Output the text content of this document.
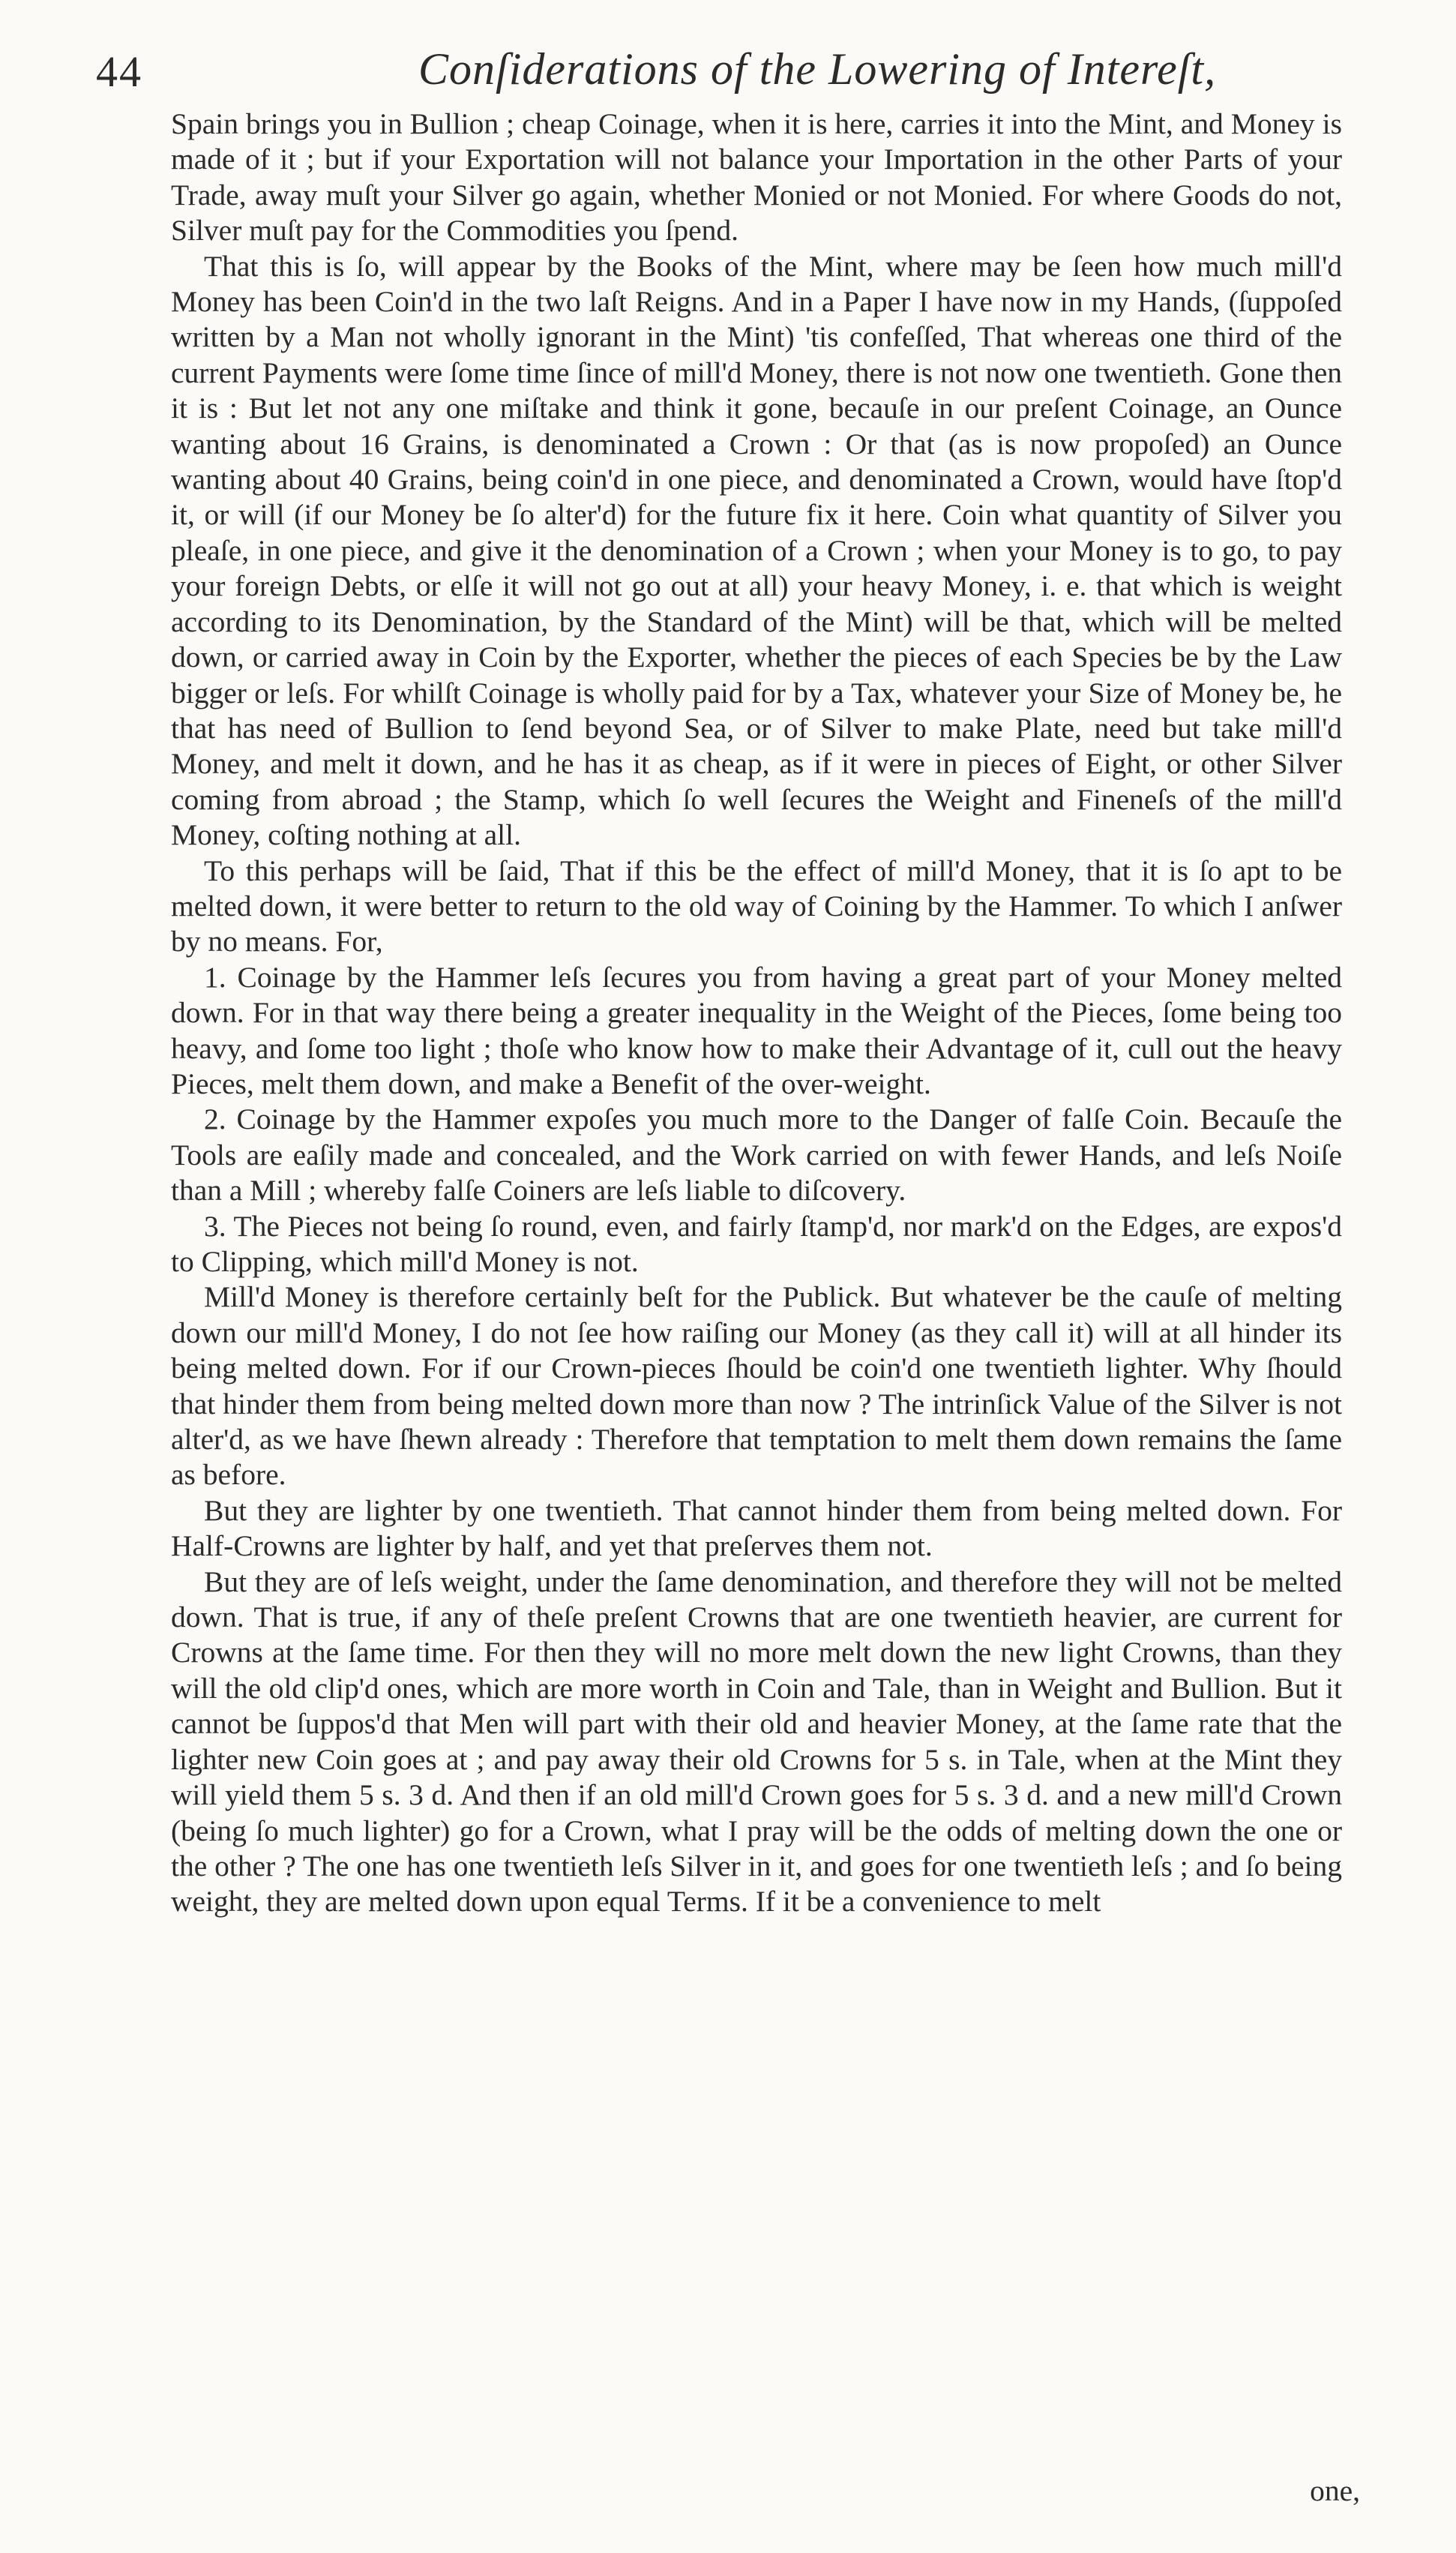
44	Conſiderations of the Lowering of Intereſt,

Spain brings you in Bullion ; cheap Coinage, when it is here, carries it into the Mint, and Money is made of it ; but if your Exportation will not balance your Importation in the other Parts of your Trade, away muſt your Silver go again, whether Monied or not Monied. For where Goods do not, Silver muſt pay for the Commodities you ſpend.

That this is ſo, will appear by the Books of the Mint, where may be ſeen how much mill'd Money has been Coin'd in the two laſt Reigns. And in a Paper I have now in my Hands, (ſuppoſed written by a Man not wholly ignorant in the Mint) 'tis confeſſed, That whereas one third of the current Payments were ſome time ſince of mill'd Money, there is not now one twentieth. Gone then it is : But let not any one miſtake and think it gone, becauſe in our preſent Coinage, an Ounce wanting about 16 Grains, is denominated a Crown : Or that (as is now propoſed) an Ounce wanting about 40 Grains, being coin'd in one piece, and denominated a Crown, would have ſtop'd it, or will (if our Money be ſo alter'd) for the future fix it here. Coin what quantity of Silver you pleaſe, in one piece, and give it the denomination of a Crown ; when your Money is to go, to pay your foreign Debts, or elſe it will not go out at all) your heavy Money, i. e. that which is weight according to its Denomination, by the Standard of the Mint) will be that, which will be melted down, or carried away in Coin by the Exporter, whether the pieces of each Species be by the Law bigger or leſs. For whilſt Coinage is wholly paid for by a Tax, whatever your Size of Money be, he that has need of Bullion to ſend beyond Sea, or of Silver to make Plate, need but take mill'd Money, and melt it down, and he has it as cheap, as if it were in pieces of Eight, or other Silver coming from abroad ; the Stamp, which ſo well ſecures the Weight and Fineneſs of the mill'd Money, coſting nothing at all.

To this perhaps will be ſaid, That if this be the effect of mill'd Money, that it is ſo apt to be melted down, it were better to return to the old way of Coining by the Hammer. To which I anſwer by no means. For,

1. Coinage by the Hammer leſs ſecures you from having a great part of your Money melted down. For in that way there being a greater inequality in the Weight of the Pieces, ſome being too heavy, and ſome too light ; thoſe who know how to make their Advantage of it, cull out the heavy Pieces, melt them down, and make a Benefit of the over-weight.

2. Coinage by the Hammer expoſes you much more to the Danger of falſe Coin. Becauſe the Tools are eaſily made and concealed, and the Work carried on with fewer Hands, and leſs Noiſe than a Mill ; whereby falſe Coiners are leſs liable to diſcovery.

3. The Pieces not being ſo round, even, and fairly ſtamp'd, nor mark'd on the Edges, are expos'd to Clipping, which mill'd Money is not.

Mill'd Money is therefore certainly beſt for the Publick. But whatever be the cauſe of melting down our mill'd Money, I do not ſee how raiſing our Money (as they call it) will at all hinder its being melted down. For if our Crown-pieces ſhould be coin'd one twentieth lighter. Why ſhould that hinder them from being melted down more than now ? The intrinſick Value of the Silver is not alter'd, as we have ſhewn already : Therefore that temptation to melt them down remains the ſame as before.

But they are lighter by one twentieth. That cannot hinder them from being melted down. For Half-Crowns are lighter by half, and yet that preſerves them not.

But they are of leſs weight, under the ſame denomination, and therefore they will not be melted down. That is true, if any of theſe preſent Crowns that are one twentieth heavier, are current for Crowns at the ſame time. For then they will no more melt down the new light Crowns, than they will the old clip'd ones, which are more worth in Coin and Tale, than in Weight and Bullion. But it cannot be ſuppos'd that Men will part with their old and heavier Money, at the ſame rate that the lighter new Coin goes at ; and pay away their old Crowns for 5 s. in Tale, when at the Mint they will yield them 5 s. 3 d. And then if an old mill'd Crown goes for 5 s. 3 d. and a new mill'd Crown (being ſo much lighter) go for a Crown, what I pray will be the odds of melting down the one or the other ? The one has one twentieth leſs Silver in it, and goes for one twentieth leſs ; and ſo being weight, they are melted down upon equal Terms. If it be a convenience to melt

one,
